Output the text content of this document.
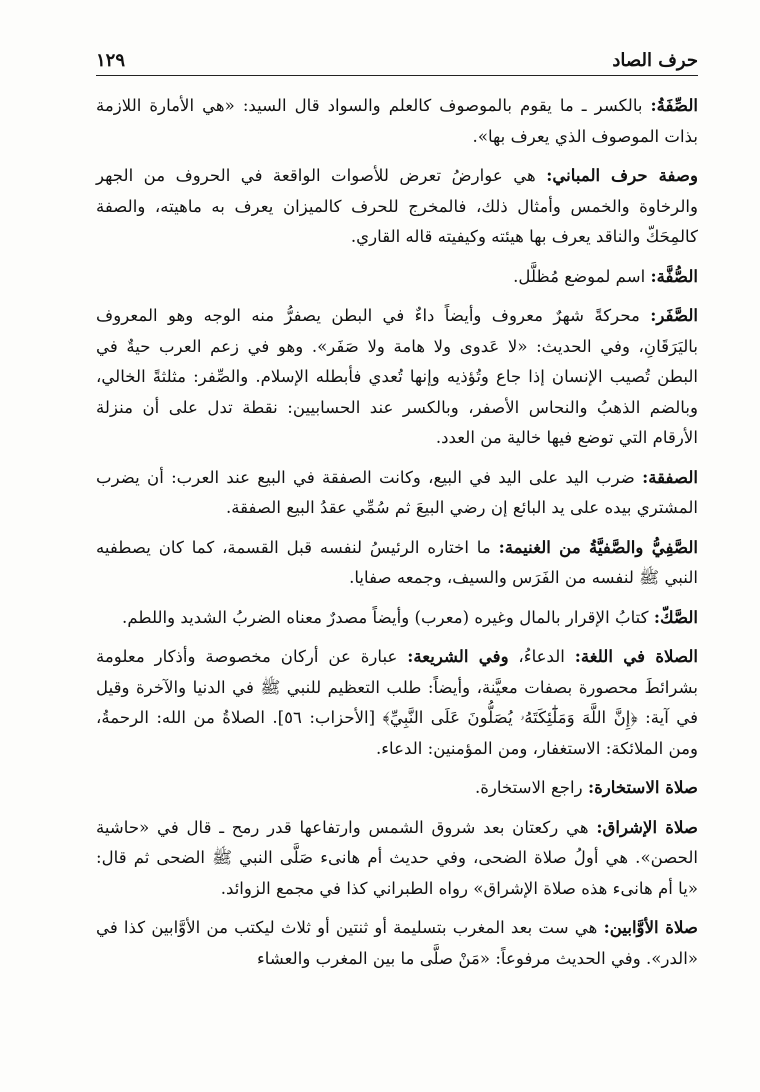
حرف الصاد
١٢٩

الصِّفَةُ: بالكسر ـ ما يقوم بالموصوف كالعلم والسواد قال السيد: «هي الأمارة اللازمة بذات الموصوف الذي يعرف بها».

وصفة حرف المباني: هي عوارضُ تعرض للأصوات الواقعة في الحروف من الجهر والرخاوة والخمس وأمثال ذلك، فالمخرج للحرف كالميزان يعرف به ماهيته، والصفة كالمِحَكّ والناقد يعرف بها هيئته وكيفيته قاله القاري.

الصُّفَّة: اسم لموضع مُظلَّل.

الصَّفَر: محركةً شهرٌ معروف وأيضاً داءٌ في البطن يصفرُّ منه الوجه وهو المعروف باليَرَقَانِ، وفي الحديث: «لا عَدوى ولا هامة ولا صَفَر». وهو في زعم العرب حيةٌ في البطن تُصيب الإنسان إذا جاع وتُؤذيه وإنها تُعدي فأبطله الإسلام. والصِّفر: مثلثةً الخالي، وبالضم الذهبُ والنحاس الأصفر، وبالكسر عند الحسابيين: نقطة تدل على أن منزلة الأرقام التي توضع فيها خالية من العدد.

الصفقة: ضرب اليد على اليد في البيع، وكانت الصفقة في البيع عند العرب: أن يضرب المشتري بيده على يد البائع إن رضي البيعَ ثم سُمِّي عقدُ البيع الصفقة.

الصَّفِيُّ والصَّفيَّةُ من الغنيمة: ما اختاره الرئيسُ لنفسه قبل القسمة، كما كان يصطفيه النبي ﷺ لنفسه من الفَرَس والسيف، وجمعه صفايا.

الصَّكّ: كتابُ الإقرار بالمال وغيره (معرب) وأيضاً مصدرٌ معناه الضربُ الشديد واللطم.

الصلاة في اللغة: الدعاءُ، وفي الشريعة: عبارة عن أركان مخصوصة وأذكار معلومة بشرائطَ محصورة بصفات معيَّنة، وأيضاً: طلب التعظيم للنبي ﷺ في الدنيا والآخرة وقيل في آية: ﴿إِنَّ اللَّهَ وَمَلَٰٓئِكَتَهُۥ يُصَلُّونَ عَلَى النَّبِيِّ﴾ [الأحزاب: ٥٦]. الصلاةُ من الله: الرحمةُ، ومن الملائكة: الاستغفار، ومن المؤمنين: الدعاء.

صلاة الاستخارة: راجع الاستخارة.

صلاة الإشراق: هي ركعتان بعد شروق الشمس وارتفاعها قدر رمح ـ قال في «حاشية الحصن». هي أولُ صلاة الضحى، وفي حديث أم هانىء صَلَّى النبي ﷺ الضحى ثم قال: «يا أم هانىء هذه صلاة الإشراق» رواه الطبراني كذا في مجمع الزوائد.

صلاة الأوَّابين: هي ست بعد المغرب بتسليمة أو ثنتين أو ثلاث ليكتب من الأوَّابين كذا في «الدر». وفي الحديث مرفوعاً: «مَنْ صلَّى ما بين المغرب والعشاء
